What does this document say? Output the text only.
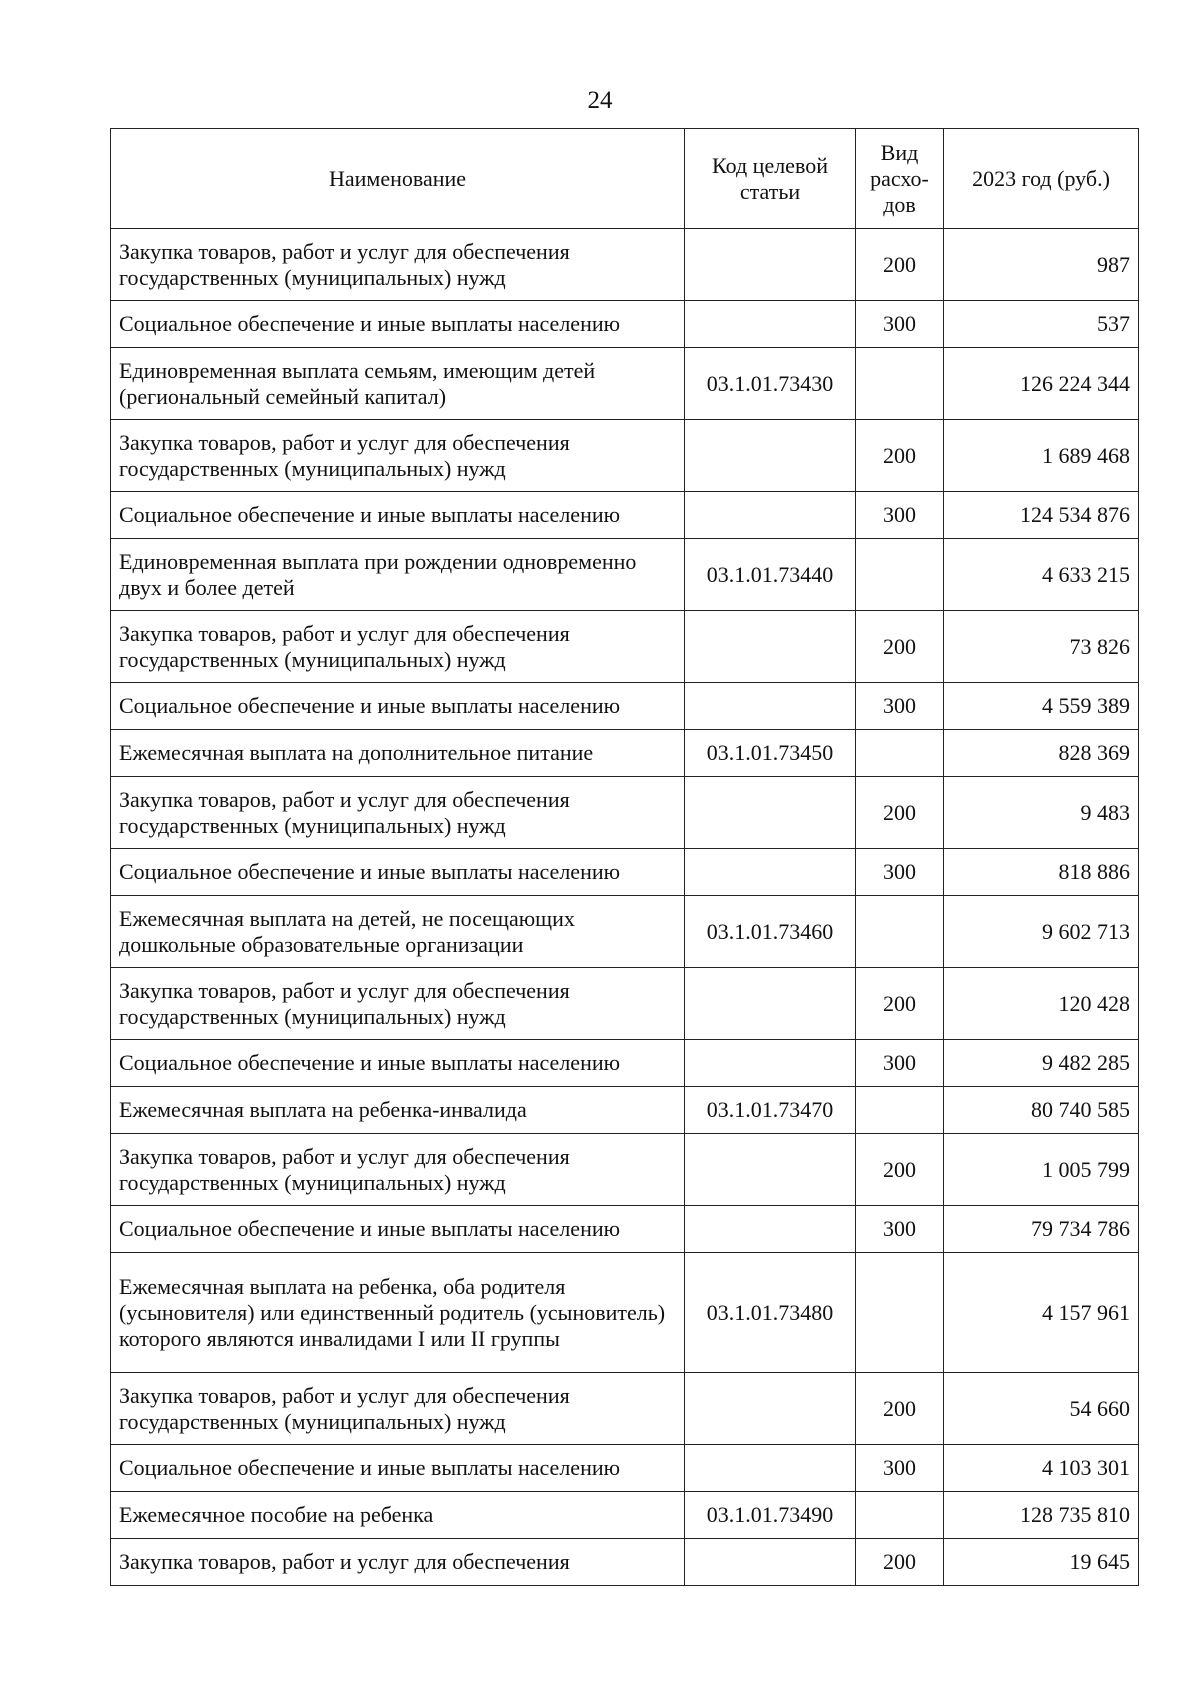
24
Наименование	Код целевой статьи	Вид расхо-дов	2023 год (руб.)
Закупка товаров, работ и услуг для обеспечения государственных (муниципальных) нужд		200	987
Социальное обеспечение и иные выплаты населению		300	537
Единовременная выплата семьям, имеющим детей (региональный семейный капитал)	03.1.01.73430		126 224 344
Закупка товаров, работ и услуг для обеспечения государственных (муниципальных) нужд		200	1 689 468
Социальное обеспечение и иные выплаты населению		300	124 534 876
Единовременная выплата при рождении одновременно двух и более детей	03.1.01.73440		4 633 215
Закупка товаров, работ и услуг для обеспечения государственных (муниципальных) нужд		200	73 826
Социальное обеспечение и иные выплаты населению		300	4 559 389
Ежемесячная выплата на дополнительное питание	03.1.01.73450		828 369
Закупка товаров, работ и услуг для обеспечения государственных (муниципальных) нужд		200	9 483
Социальное обеспечение и иные выплаты населению		300	818 886
Ежемесячная выплата на детей, не посещающих дошкольные образовательные организации	03.1.01.73460		9 602 713
Закупка товаров, работ и услуг для обеспечения государственных (муниципальных) нужд		200	120 428
Социальное обеспечение и иные выплаты населению		300	9 482 285
Ежемесячная выплата на ребенка-инвалида	03.1.01.73470		80 740 585
Закупка товаров, работ и услуг для обеспечения государственных (муниципальных) нужд		200	1 005 799
Социальное обеспечение и иные выплаты населению		300	79 734 786
Ежемесячная выплата на ребенка, оба родителя (усыновителя) или единственный родитель (усыновитель) которого являются инвалидами I или II группы	03.1.01.73480		4 157 961
Закупка товаров, работ и услуг для обеспечения государственных (муниципальных) нужд		200	54 660
Социальное обеспечение и иные выплаты населению		300	4 103 301
Ежемесячное пособие на ребенка	03.1.01.73490		128 735 810
Закупка товаров, работ и услуг для обеспечения		200	19 645
